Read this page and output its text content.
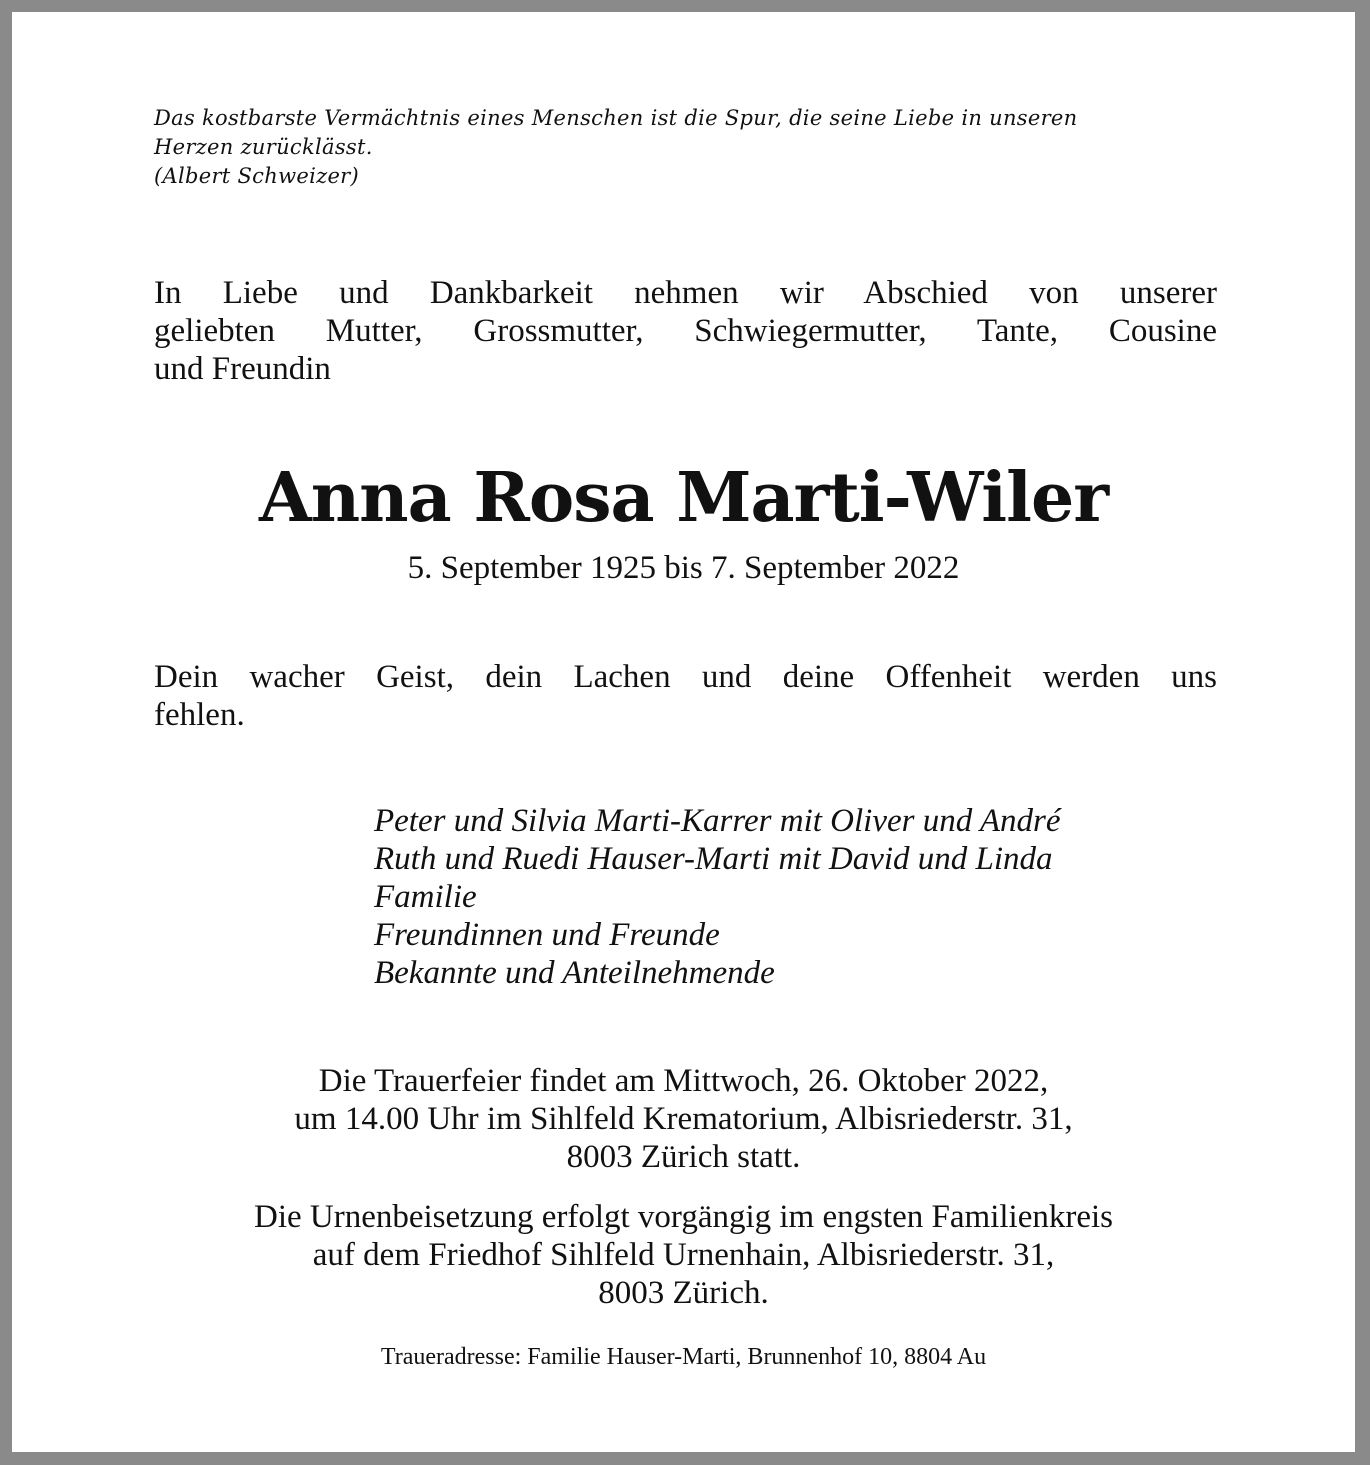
Das kostbarste Vermächtnis eines Menschen ist die Spur, die seine Liebe in unseren
Herzen zurücklässt.
(Albert Schweizer)
In Liebe und Dankbarkeit nehmen wir Abschied von unserer
geliebten Mutter, Grossmutter, Schwiegermutter, Tante, Cousine
und Freundin
Anna Rosa Marti-Wiler
5. September 1925 bis 7. September 2022
Dein wacher Geist, dein Lachen und deine Offenheit werden uns
fehlen.
Peter und Silvia Marti-Karrer mit Oliver und André
Ruth und Ruedi Hauser-Marti mit David und Linda
Familie
Freundinnen und Freunde
Bekannte und Anteilnehmende
Die Trauerfeier findet am Mittwoch, 26. Oktober 2022,
um 14.00 Uhr im Sihlfeld Krematorium, Albisriederstr. 31,
8003 Zürich statt.
Die Urnenbeisetzung erfolgt vorgängig im engsten Familienkreis
auf dem Friedhof Sihlfeld Urnenhain, Albisriederstr. 31,
8003 Zürich.
Traueradresse: Familie Hauser-Marti, Brunnenhof 10, 8804 Au
